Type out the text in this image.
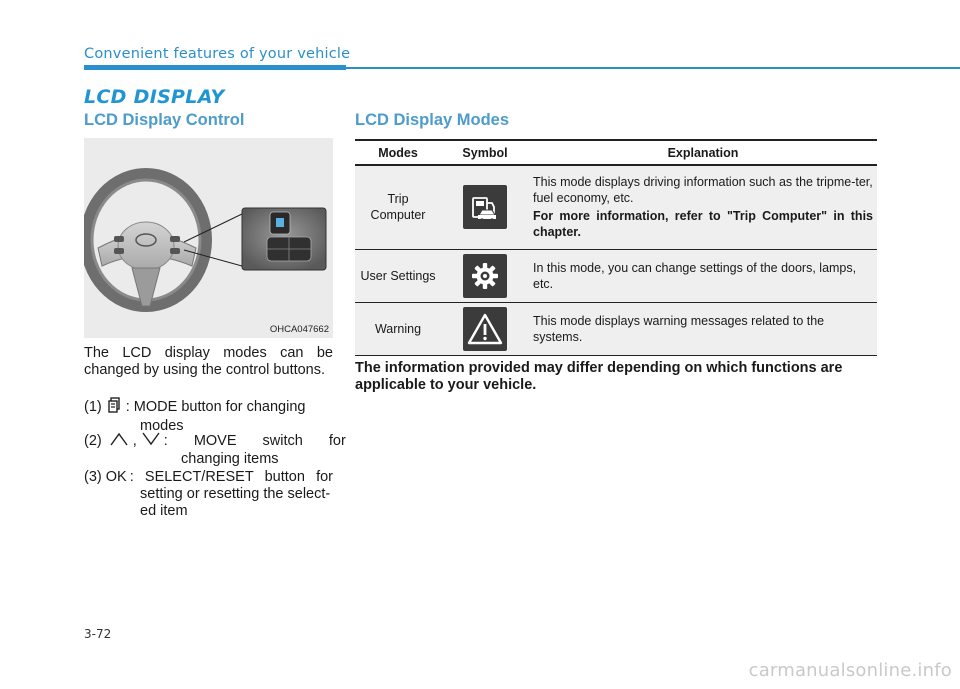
Convenient features of your vehicle
LCD DISPLAY
LCD Display Control	LCD Display Modes
OHCA047662
The LCD display modes can be
changed by using the control buttons.
(1) : MODE button for changing
modes
(2) , : MOVE switch for
changing items
(3) OK : SELECT/RESET button for
setting or resetting the select-
ed item
Modes	Symbol	Explanation
Trip
Computer		This mode displays driving information such as the tripme-ter, fuel economy, etc.
For more information, refer to "Trip Computer" in this chapter.

User Settings		In this mode, you can change settings of the doors, lamps, etc.
Warning		This mode displays warning messages related to the systems.
The information provided may differ depending on which functions are applicable to your vehicle.
3-72
carmanualsonline.info
